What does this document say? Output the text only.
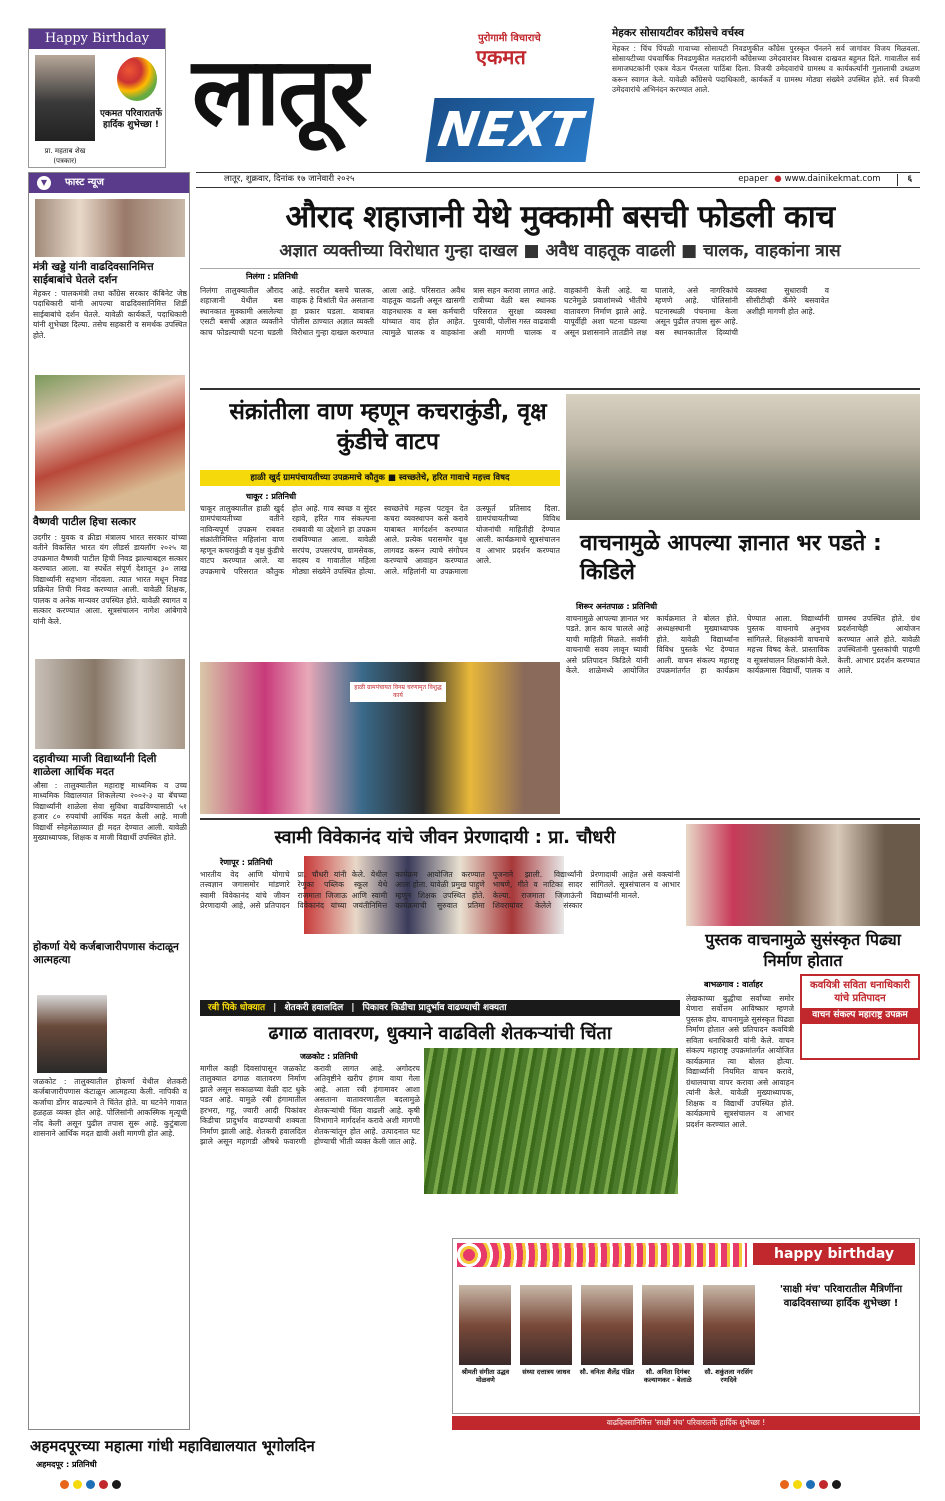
Happy Birthday
एकमत परिवारातर्फे हार्दिक शुभेच्छा !
प्रा. महताब शेख
(पत्रकार)
लातूर	पुरोगामी विचाराचे
एकमत
NEXT
मेहकर सोसायटीवर काँग्रेसचे वर्चस्व
मेहकर : चिंच पिंपळी गावाच्या सोसायटी निवडणुकीत काँग्रेस पुरस्कृत पॅनलने सर्व जागांवर विजय मिळवला. सोसायटीच्या पंचवार्षिक निवडणुकीत मतदारांनी काँग्रेसच्या उमेदवारांवर विश्वास दाखवत बहुमत दिले. गावातील सर्व समाजघटकांनी एकत्र येऊन पॅनलला पाठिंबा दिला. विजयी उमेदवारांचे ग्रामस्थ व कार्यकर्त्यांनी गुलालाची उधळण करून स्वागत केले. यावेळी काँग्रेसचे पदाधिकारी, कार्यकर्ते व ग्रामस्थ मोठ्या संख्येने उपस्थित होते. सर्व विजयी उमेदवारांचे अभिनंदन करण्यात आले.
लातूर, शुक्रवार, दिनांक १७ जानेवारी २०२५	epaper ● www.dainikekmat.com	६
▼	फास्ट न्यूज
मंत्री खड्डे यांनी वाढदिवसानिमित्त साईबाबांचे घेतले दर्शन
मेहकर : पालकमंत्री तथा काँग्रेस सरकार कॅबिनेट जेष्ठ पदाधिकारी यांनी आपल्या वाढदिवसानिमित्त शिर्डी साईबाबांचे दर्शन घेतले. यावेळी कार्यकर्ते, पदाधिकारी यांनी शुभेच्छा दिल्या. तसेच सहकारी व समर्थक उपस्थित होते.
वैष्णवी पाटील हिचा सत्कार
उदगीर : युवक व क्रीडा मंत्रालय भारत सरकार यांच्या वतीने विकसित भारत यंग लीडर्स डायलॉग २०२५ या उपक्रमात वैष्णवी पाटील हिची निवड झाल्याबद्दल सत्कार करण्यात आला. या स्पर्धेत संपूर्ण देशातून ३० लाख विद्यार्थ्यांनी सहभाग नोंदवला. त्यात भारत मधून निवड प्रक्रियेत तिची निवड करण्यात आली. यावेळी शिक्षक, पालक व अनेक मान्यवर उपस्थित होते. यावेळी स्वागत व सत्कार करण्यात आला. सूत्रसंचालन नागेश आंबेगावे यांनी केले.
दहावीच्या माजी विद्यार्थ्यांनी दिली शाळेला आर्थिक मदत
औसा : तालुक्यातील महाराष्ट्र माध्यमिक व उच्च माध्यमिक विद्यालयात शिकलेल्या २००२-३ या बॅचच्या विद्यार्थ्यांनी शाळेला सेवा सुविधा वाढविण्यासाठी ५१ हजार ८० रुपयांची आर्थिक मदत केली आहे. माजी विद्यार्थी स्नेहमेळाव्यात ही मदत देण्यात आली. यावेळी मुख्याध्यापक, शिक्षक व माजी विद्यार्थी उपस्थित होते.
होकर्णा येथे कर्जबाजारीपणास कंटाळून आत्महत्या
जळकोट : तालुक्यातील होकर्णा येथील शेतकरी कर्जबाजारीपणास कंटाळून आत्महत्या केली. नापिकी व कर्जाचा डोंगर वाढल्याने ते चिंतेत होते. या घटनेने गावात हळहळ व्यक्त होत आहे. पोलिसांनी आकस्मिक मृत्यूची नोंद केली असून पुढील तपास सुरू आहे. कुटुंबाला शासनाने आर्थिक मदत द्यावी अशी मागणी होत आहे.
औराद शहाजानी येथे मुक्कामी बसची फोडली काच
अज्ञात व्यक्तीच्या विरोधात गुन्हा दाखल ■ अवैध वाहतूक वाढली ■ चालक, वाहकांना त्रास
निलंगा : प्रतिनिधी
निलंगा तालुक्यातील औराद शहाजानी येथील बस स्थानकात मुक्कामी असलेल्या एसटी बसची अज्ञात व्यक्तीने काच फोडल्याची घटना घडली आहे. सदरील बसचे चालक, वाहक हे विश्रांती घेत असताना हा प्रकार घडला. याबाबत पोलीस ठाण्यात अज्ञात व्यक्ती विरोधात गुन्हा दाखल करण्यात आला आहे. परिसरात अवैध वाहतूक वाढली असून खासगी वाहनधारक व बस कर्मचारी यांच्यात वाद होत आहेत. त्यामुळे चालक व वाहकांना त्रास सहन करावा लागत आहे. रात्रीच्या वेळी बस स्थानक परिसरात सुरक्षा व्यवस्था पुरवावी, पोलीस गस्त वाढवावी अशी मागणी चालक व वाहकांनी केली आहे. या घटनेमुळे प्रवाशांमध्ये भीतीचे वातावरण निर्माण झाले आहे. यापूर्वीही अशा घटना घडल्या असून प्रशासनाने तातडीने लक्ष घालावे, असे नागरिकांचे म्हणणे आहे. पोलिसांनी घटनास्थळी पंचनामा केला असून पुढील तपास सुरू आहे. बस स्थानकातील दिव्यांची व्यवस्था सुधारावी व सीसीटीव्ही कॅमेरे बसवावेत अशीही मागणी होत आहे.
संक्रांतीला वाण म्हणून कचराकुंडी, वृक्ष कुंडीचे वाटप
हाळी खुर्द ग्रामपंचायतीच्या उपक्रमाचे कौतुक ■ स्वच्छतेचे, हरित गावाचे महत्त्व विषद
चाकूर : प्रतिनिधी
चाकूर तालुक्यातील हाळी खुर्द ग्रामपंचायतीच्या वतीने नाविन्यपूर्ण उपक्रम राबवत संक्रांतीनिमित्त महिलांना वाण म्हणून कचराकुंडी व वृक्ष कुंडीचे वाटप करण्यात आले. या उपक्रमाचे परिसरात कौतुक होत आहे. गाव स्वच्छ व सुंदर रहावे, हरित गाव संकल्पना राबवावी या उद्देशाने हा उपक्रम राबविण्यात आला. यावेळी सरपंच, उपसरपंच, ग्रामसेवक, सदस्य व गावातील महिला मोठ्या संख्येने उपस्थित होत्या. स्वच्छतेचे महत्त्व पटवून देत कचरा व्यवस्थापन कसे करावे याबाबत मार्गदर्शन करण्यात आले. प्रत्येक घरासमोर वृक्ष लागवड करून त्याचे संगोपन करण्याचे आवाहन करण्यात आले. महिलांनी या उपक्रमाला उत्स्फूर्त प्रतिसाद दिला. ग्रामपंचायतीच्या विविध योजनांची माहितीही देण्यात आली. कार्यक्रमाचे सूत्रसंचालन व आभार प्रदर्शन करण्यात आले.
हाळी ग्रामपंचायत विनम्र चरणामृत विशुद्ध कार्य
वाचनामुळे आपल्या ज्ञानात भर पडते : किडिले
शिरूर अनंतपाळ : प्रतिनिधी
वाचनामुळे आपल्या ज्ञानात भर पडते. ज्ञान काय चालले आहे याची माहिती मिळते. सर्वांनी वाचनाची सवय लावून घ्यावी असे प्रतिपादन किडिले यांनी केले. शाळेमध्ये आयोजित कार्यक्रमात ते बोलत होते. अध्यक्षस्थानी मुख्याध्यापक होते. यावेळी विद्यार्थ्यांना विविध पुस्तके भेट देण्यात आली. वाचन संकल्प महाराष्ट्र उपक्रमांतर्गत हा कार्यक्रम घेण्यात आला. विद्यार्थ्यांनी पुस्तक वाचनाचे अनुभव सांगितले. शिक्षकांनी वाचनाचे महत्त्व विषद केले. प्रास्ताविक व सूत्रसंचालन शिक्षकांनी केले. कार्यक्रमास विद्यार्थी, पालक व ग्रामस्थ उपस्थित होते. ग्रंथ प्रदर्शनाचेही आयोजन करण्यात आले होते. यावेळी उपस्थितांनी पुस्तकांची पाहणी केली. आभार प्रदर्शन करण्यात आले.
स्वामी विवेकानंद यांचे जीवन प्रेरणादायी : प्रा. चौधरी
रेणापूर : प्रतिनिधी
भारतीय वेद आणि योगाचे तत्त्वज्ञान जगासमोर मांडणारे स्वामी विवेकानंद यांचे जीवन प्रेरणादायी आहे, असे प्रतिपादन प्रा. चौधरी यांनी केले. येथील रेणुका पब्लिक स्कूल येथे राजमाता जिजाऊ आणि स्वामी विवेकानंद यांच्या जयंतीनिमित्त कार्यक्रम आयोजित करण्यात आला होता. यावेळी प्रमुख पाहुणे म्हणून शिक्षक उपस्थित होते. कार्यक्रमाची सुरुवात प्रतिमा पूजनाने झाली. विद्यार्थ्यांनी भाषणे, गीते व नाटिका सादर केल्या. राजमाता जिजाऊंनी शिवरायांवर केलेले संस्कार प्रेरणादायी आहेत असे वक्त्यांनी सांगितले. सूत्रसंचालन व आभार विद्यार्थ्यांनी मानले.
पुस्तक वाचनामुळे सुसंस्कृत पिढ्या निर्माण होतात
बाभळगाव : वार्ताहर
लेखकाच्या बुद्धीचा सर्वांच्या समोर येणारा सर्वोत्तम आविष्कार म्हणजे पुस्तक होय. वाचनामुळे सुसंस्कृत पिढ्या निर्माण होतात असे प्रतिपादन कवयित्री सविता धनाधिकारी यांनी केले. वाचन संकल्प महाराष्ट्र उपक्रमांतर्गत आयोजित कार्यक्रमात त्या बोलत होत्या. विद्यार्थ्यांनी नियमित वाचन करावे, ग्रंथालयाचा वापर करावा असे आवाहन त्यांनी केले. यावेळी मुख्याध्यापक, शिक्षक व विद्यार्थी उपस्थित होते. कार्यक्रमाचे सूत्रसंचालन व आभार प्रदर्शन करण्यात आले.
कवयित्री सविता धनाधिकारी यांचे प्रतिपादन
वाचन संकल्प महाराष्ट्र उपक्रम
रबी पिके धोक्यात | शेतकरी हवालदिल | पिकावर किडीचा प्रादुर्भाव वाढण्याची शक्यता
ढगाळ वातावरण, धुक्याने वाढविली शेतकऱ्यांची चिंता
जळकोट : प्रतिनिधी
मागील काही दिवसांपासून जळकोट तालुक्यात ढगाळ वातावरण निर्माण झाले असून सकाळच्या वेळी दाट धुके पडत आहे. यामुळे रबी हंगामातील हरभरा, गहू, ज्वारी आदी पिकांवर किडीचा प्रादुर्भाव वाढण्याची शक्यता निर्माण झाली आहे. शेतकरी हवालदिल झाले असून महागडी औषधे फवारणी करावी लागत आहे. अगोदरच अतिवृष्टीने खरीप हंगाम वाया गेला आहे. आता रबी हंगामावर आशा असताना वातावरणातील बदलामुळे शेतकऱ्यांची चिंता वाढली आहे. कृषी विभागाने मार्गदर्शन करावे अशी मागणी शेतकऱ्यांतून होत आहे. उत्पादनात घट होण्याची भीती व्यक्त केली जात आहे.
अहमदपूरच्या महात्मा गांधी महाविद्यालयात भूगोलदिन
अहमदपूर : प्रतिनिधी
happy birthday
'साक्षी मंच' परिवारातील मैत्रिणींना वाढदिवसाच्या हार्दिक शुभेच्छा !
श्रीमती संगीता उद्धव मोळवणे
संध्या दत्तात्रय जाधव सौ. वनिता शैलेंद्र पंडित	सौ. अनिता दिगंबर कल्याणकर - बेलाळे
सौ. शकुंतला नरसिंग रणदिवे
वाढदिवसानिमित्त 'साक्षी मंच' परिवारातर्फे हार्दिक शुभेच्छा !
